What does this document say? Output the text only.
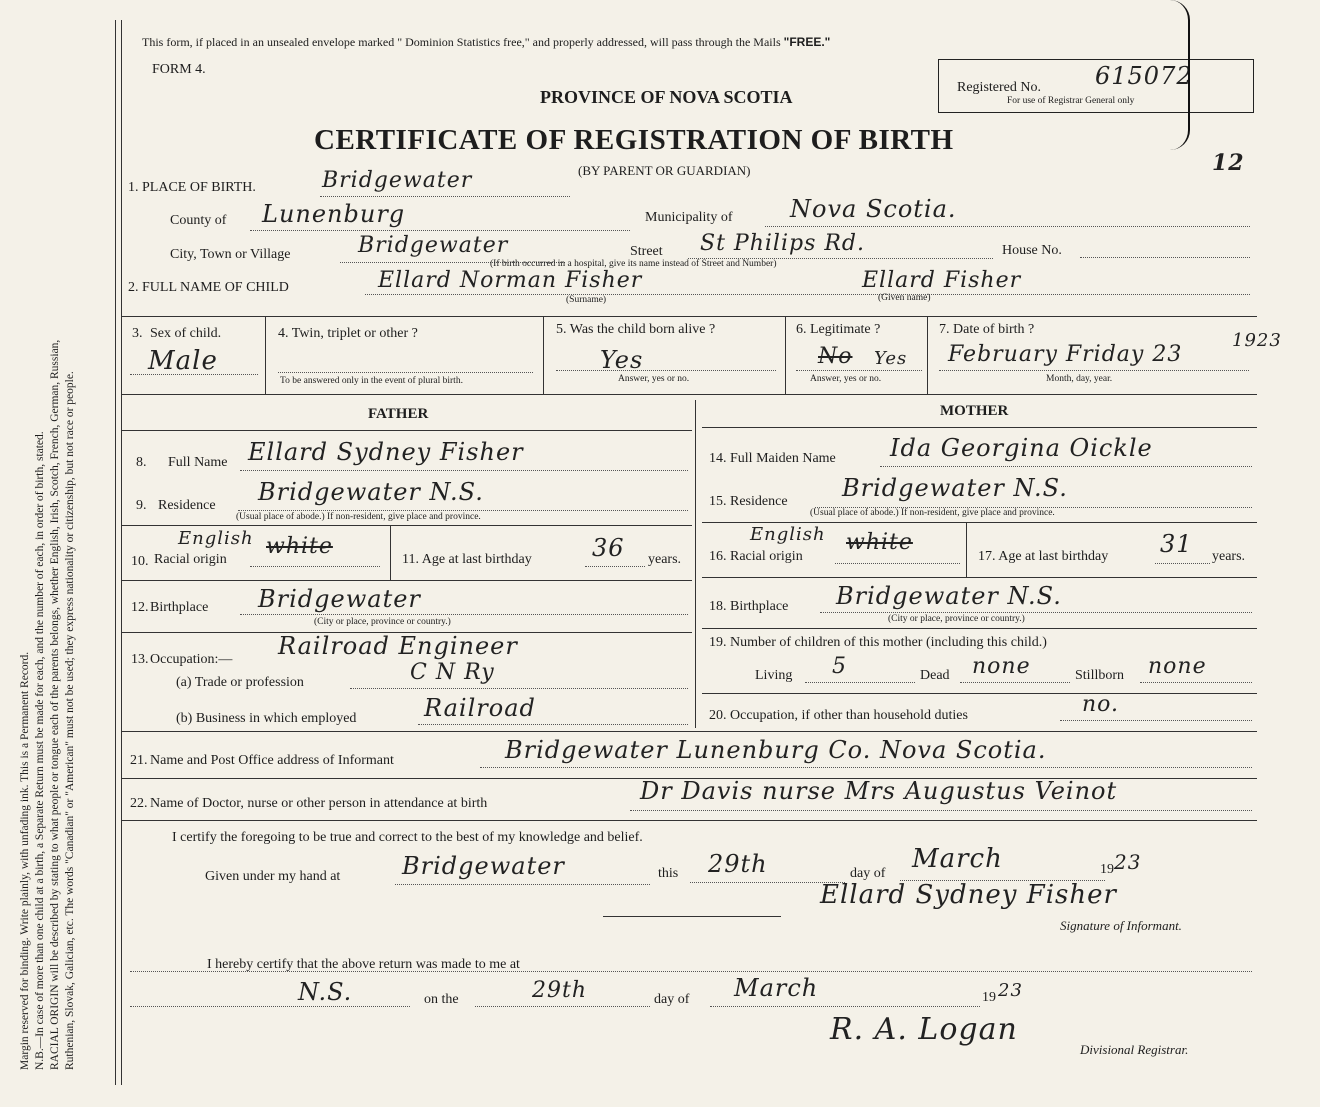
Margin reserved for binding. Write plainly, with unfading ink. This is a Permanent Record. N.B.—In case of more than one child at a birth, a Separate Return must be made for each, and the number of each, in order of birth, stated. RACIAL ORIGIN will be described by stating to what people or tongue each of the parents belongs, whether English, Irish, Scotch, French, German, Russian, Ruthenian, Slovak, Galician, etc. The words "Canadian" or "American" must not be used; they express nationality or citizenship, but not race or people.
This form, if placed in an unsealed envelope marked " Dominion Statistics free," and properly addressed, will pass through the Mails "FREE."
FORM 4.
PROVINCE OF NOVA SCOTIA
CERTIFICATE OF REGISTRATION OF BIRTH
(BY PARENT OR GUARDIAN)
Registered No. 615072
For use of Registrar General only
12
1. PLACE OF BIRTH.	Bridgewater
County of Lunenburg	Municipality of Nova Scotia.
City, Town or Village	Bridgewater	Street St Philips Rd.	House No.
(If birth occurred in a hospital, give its name instead of Street and Number)
2. FULL NAME OF CHILD	Ellard Norman Fisher	Ellard Fisher
(Surname)	(Given name)
3. Sex of child.
Male
4. Twin, triplet or other ?
To be answered only in the event of plural birth.
5. Was the child born alive ?
Yes
Answer, yes or no.
6. Legitimate ?
No Yes
Answer, yes or no.
7. Date of birth ?
February Friday 23
1923
Month, day, year.
FATHER	MOTHER
8. Full Name Ellard Sydney Fisher
9. Residence Bridgewater N.S.
(Usual place of abode.) If non-resident, give place and province.
10.
English white
Racial origin	11. Age at last birthday	36 years.
12. Birthplace Bridgewater
(City or place, province or country.)
13. Occupation:— Railroad Engineer
(a) Trade or profession	C N Ry
(b) Business in which employed	Railroad
14. Full Maiden Name Ida Georgina Oickle
15. Residence Bridgewater N.S.
(Usual place of abode.) If non-resident, give place and province.
English white
16. Racial origin	17. Age at last birthday 31 years.
18. Birthplace Bridgewater N.S.
(City or place, province or country.)
19. Number of children of this mother (including this child.)
Living 5	Dead none	Stillborn none
20. Occupation, if other than household duties	no.
21. Name and Post Office address of Informant	Bridgewater Lunenburg Co. Nova Scotia.
22. Name of Doctor, nurse or other person in attendance at birth	Dr Davis nurse Mrs Augustus Veinot
I certify the foregoing to be true and correct to the best of my knowledge and belief.
Given under my hand at	Bridgewater	this 29th	day of March	19 23
Ellard Sydney Fisher
Signature of Informant.
I hereby certify that the above return was made to me at
N.S.	on the	29th	day of March	19 23
R. A. Logan
Divisional Registrar.
